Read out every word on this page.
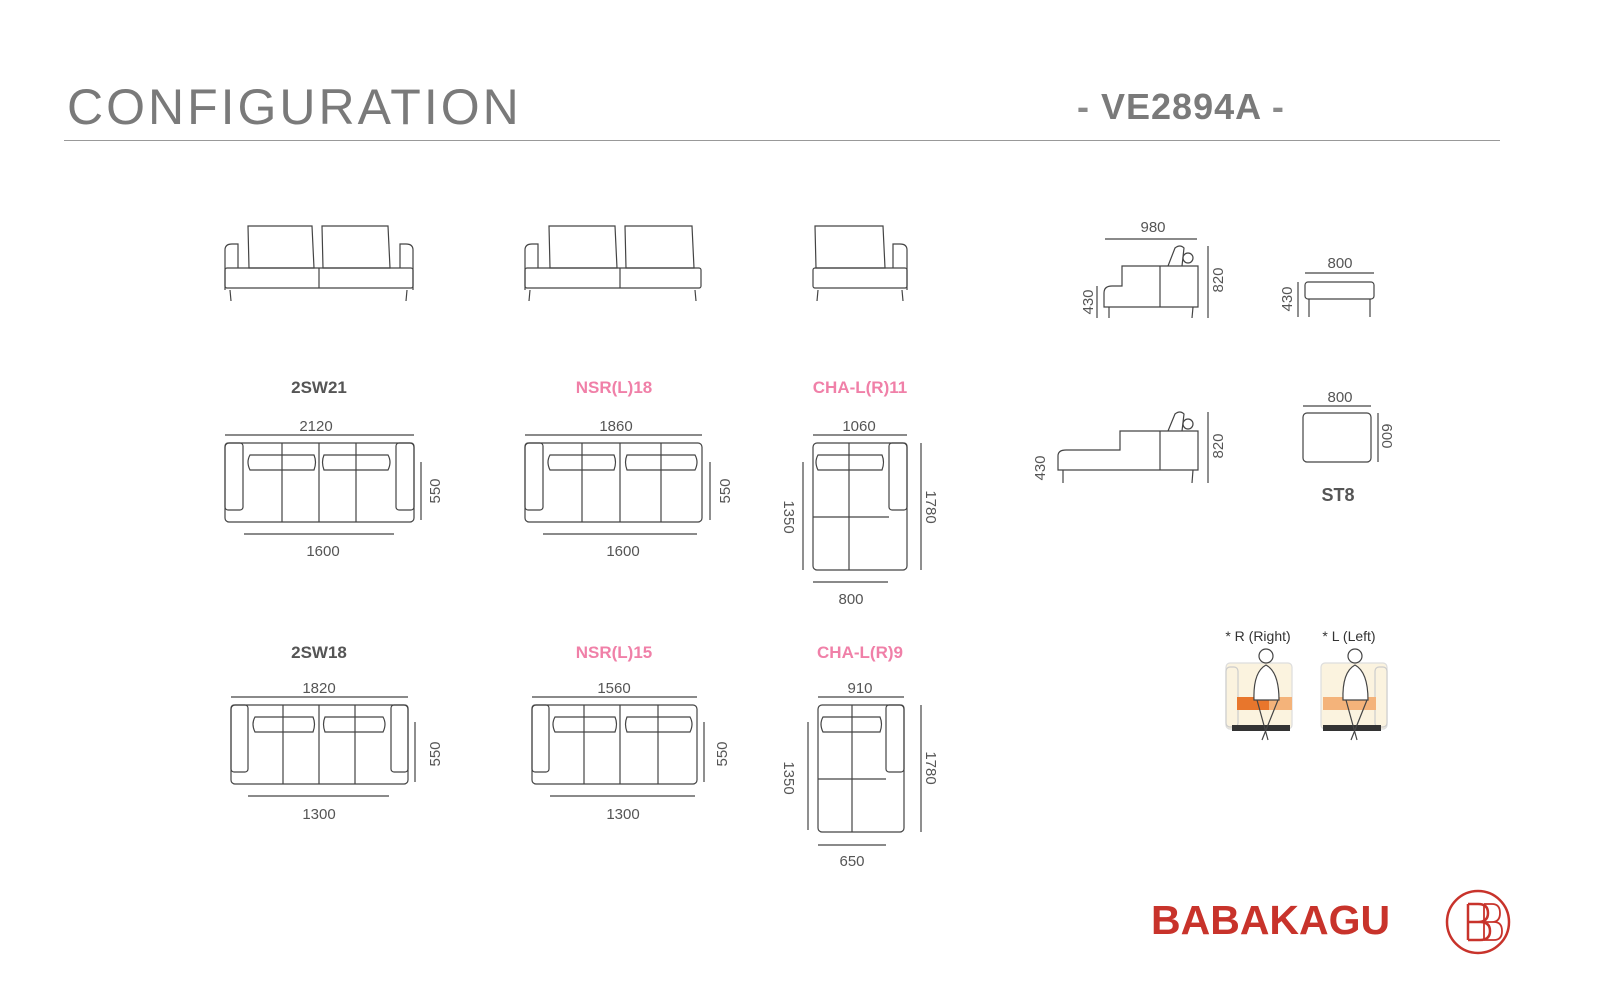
CONFIGURATION	- VE2894A -
2SW21	NSR(L)18	CHA-L(R)11
2SW18	NSR(L)15	CHA-L(R)9
2120
1600
550
1860
1600
550
1060
800
1350	1780
1820
1300
550
1560
1300
550
910
650
1350	1780
980
820
430
820
430
800
430
800
600
ST8
* R (Right) * L (Left)
BABAKAGU
